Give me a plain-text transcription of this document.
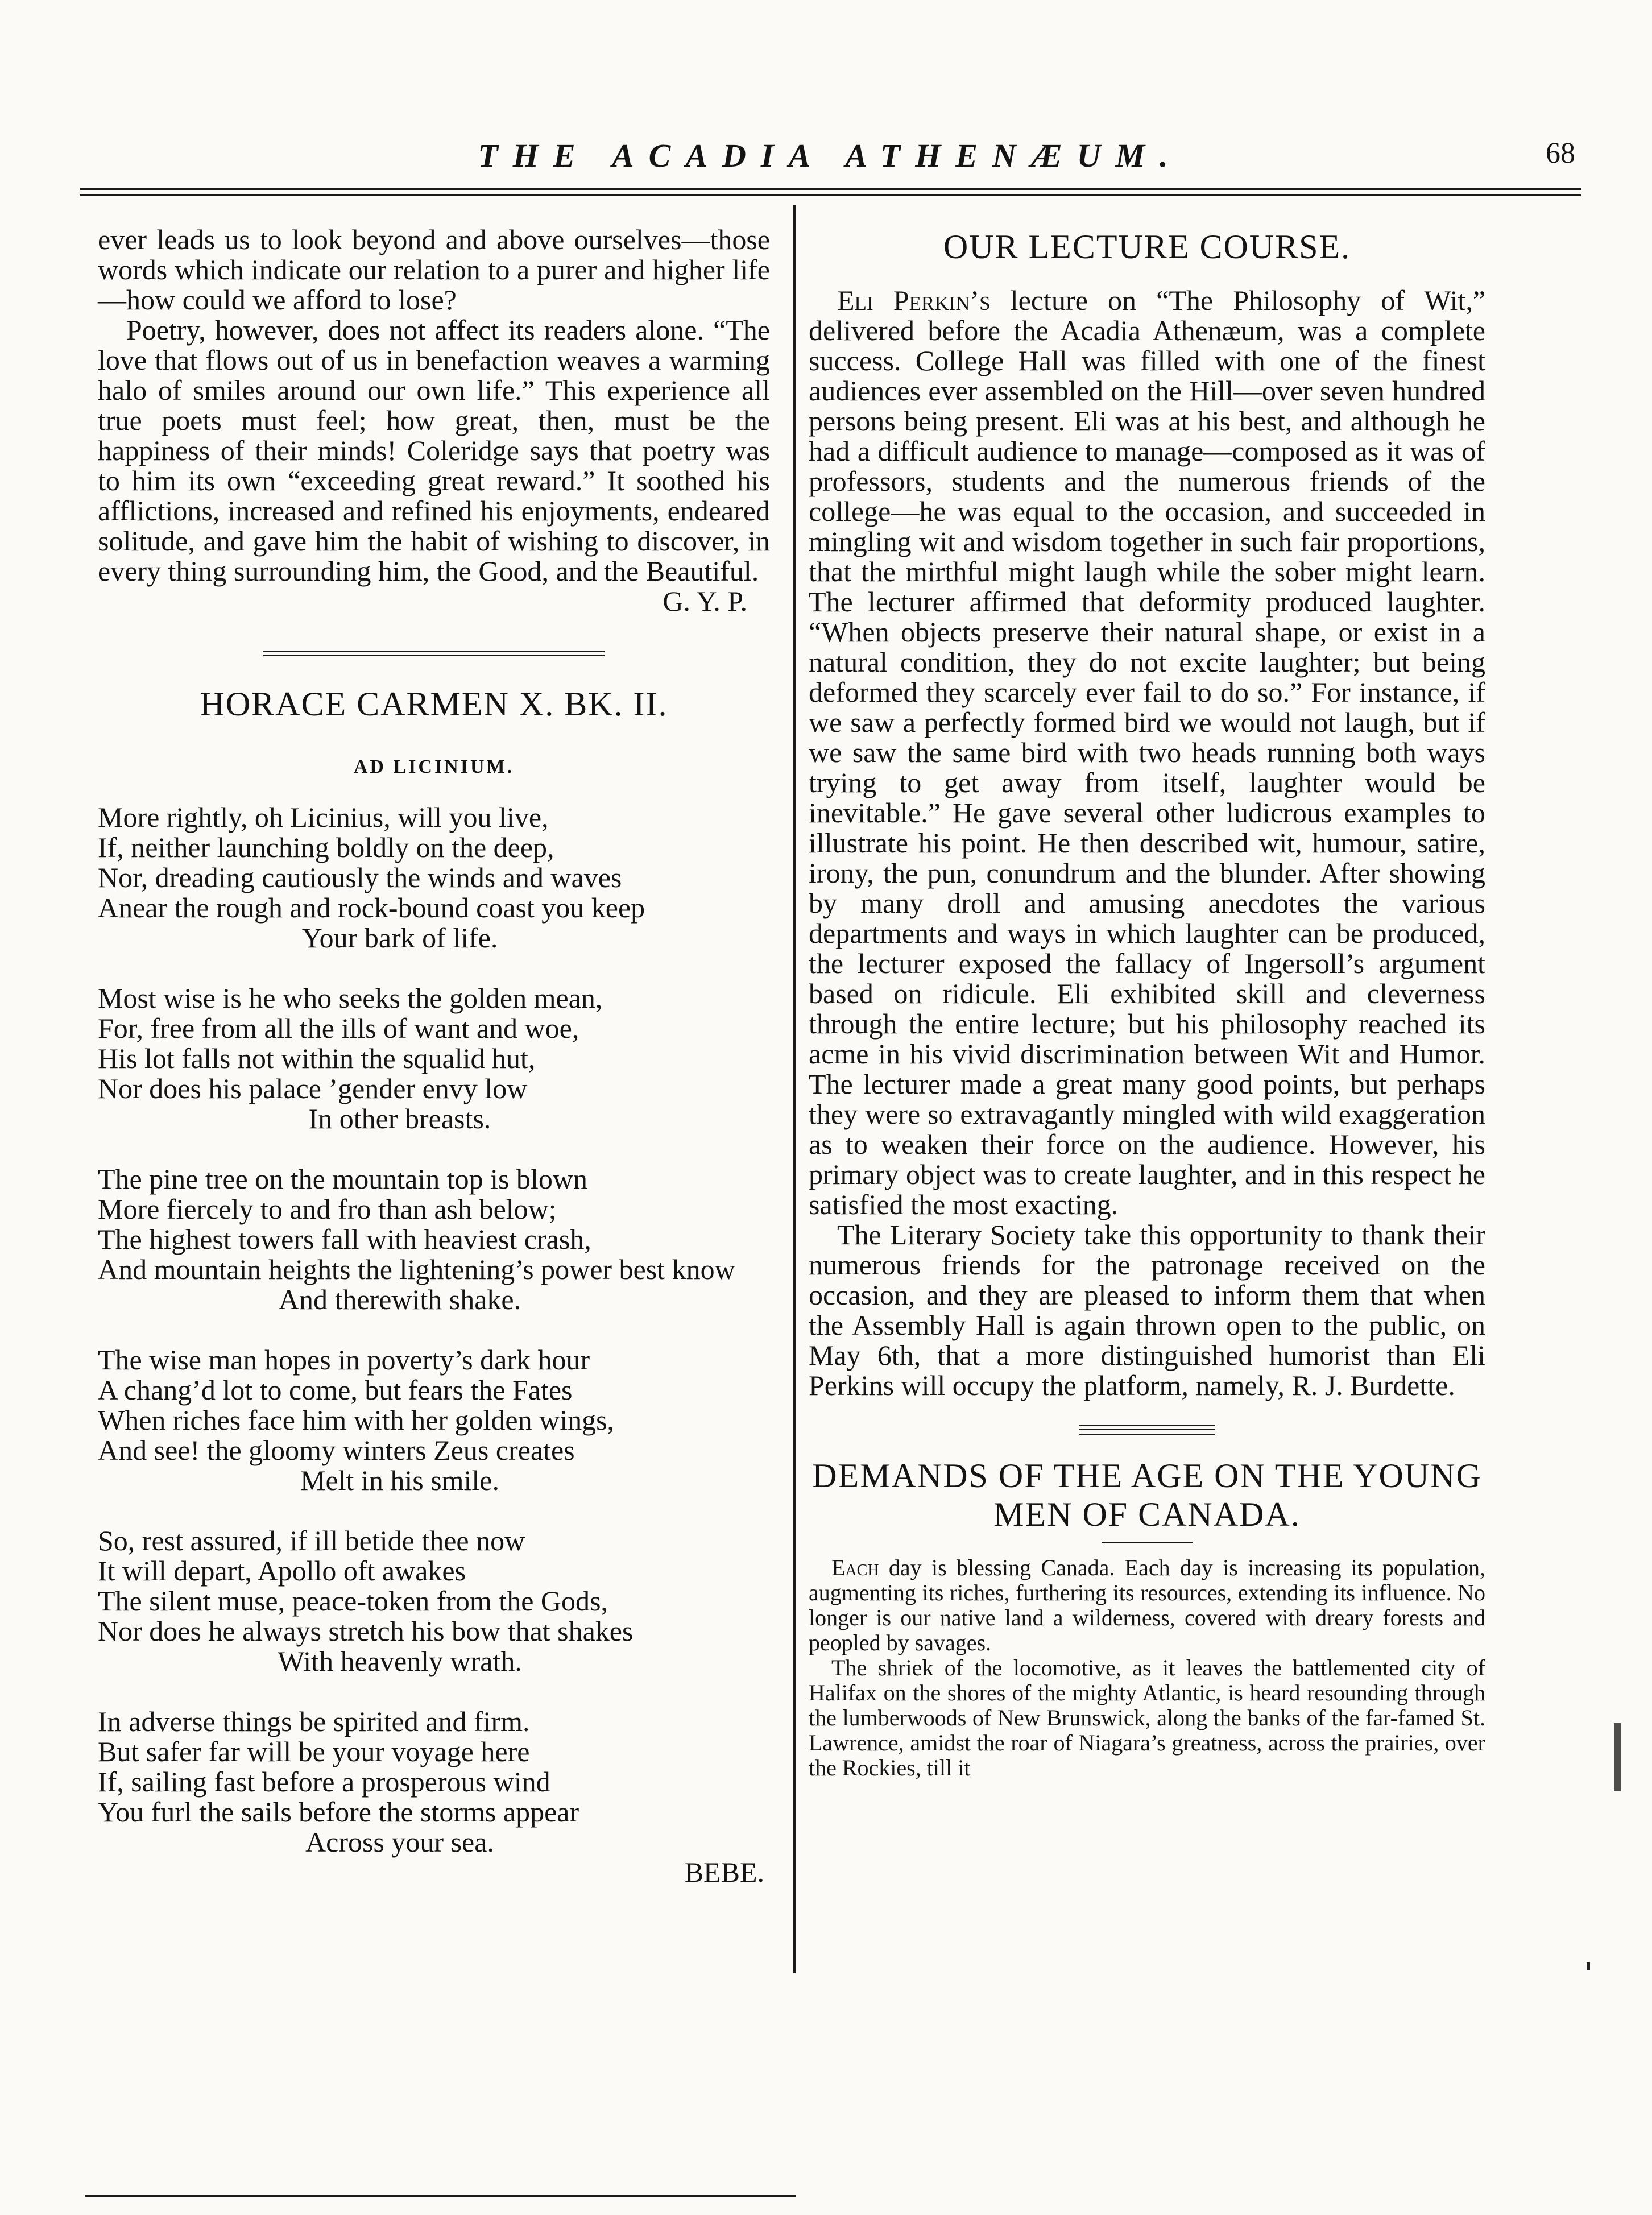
THE ACADIA ATHENÆUM.	68

ever leads us to look beyond and above ourselves—those words which indicate our relation to a purer and higher life—how could we afford to lose?

Poetry, however, does not affect its readers alone. “The love that flows out of us in benefaction weaves a warming halo of smiles around our own life.” This experience all true poets must feel; how great, then, must be the happiness of their minds! Coleridge says that poetry was to him its own “exceeding great reward.” It soothed his afflictions, increased and refined his enjoyments, endeared solitude, and gave him the habit of wishing to discover, in every thing surrounding him, the Good, and the Beautiful.

G. Y. P.
HORACE CARMEN X. BK. II.
AD LICINIUM.
More rightly, oh Licinius, will you live,
If, neither launching boldly on the deep,
Nor, dreading cautiously the winds and waves
Anear the rough and rock-bound coast you keep
Your bark of life.
Most wise is he who seeks the golden mean,
For, free from all the ills of want and woe,
His lot falls not within the squalid hut,
Nor does his palace ’gender envy low
In other breasts.
The pine tree on the mountain top is blown
More fiercely to and fro than ash below;
The highest towers fall with heaviest crash,
And mountain heights the lightening’s power best know
And therewith shake.
The wise man hopes in poverty’s dark hour
A chang’d lot to come, but fears the Fates
When riches face him with her golden wings,
And see! the gloomy winters Zeus creates
Melt in his smile.
So, rest assured, if ill betide thee now
It will depart, Apollo oft awakes
The silent muse, peace-token from the Gods,
Nor does he always stretch his bow that shakes
With heavenly wrath.
In adverse things be spirited and firm.
But safer far will be your voyage here
If, sailing fast before a prosperous wind
You furl the sails before the storms appear
Across your sea.
BEBE.
OUR LECTURE COURSE.

Eli Perkin’s lecture on “The Philosophy of Wit,” delivered before the Acadia Athenæum, was a complete success. College Hall was filled with one of the finest audiences ever assembled on the Hill—over seven hundred persons being present. Eli was at his best, and although he had a difficult audience to manage—composed as it was of professors, students and the numerous friends of the college—he was equal to the occasion, and succeeded in mingling wit and wisdom together in such fair proportions, that the mirthful might laugh while the sober might learn. The lecturer affirmed that deformity produced laughter. “When objects preserve their natural shape, or exist in a natural condition, they do not excite laughter; but being deformed they scarcely ever fail to do so.” For instance, if we saw a perfectly formed bird we would not laugh, but if we saw the same bird with two heads running both ways trying to get away from itself, laughter would be inevitable.” He gave several other ludicrous examples to illustrate his point. He then described wit, humour, satire, irony, the pun, conundrum and the blunder. After showing by many droll and amusing anecdotes the various departments and ways in which laughter can be produced, the lecturer exposed the fallacy of Ingersoll’s argument based on ridicule. Eli exhibited skill and cleverness through the entire lecture; but his philosophy reached its acme in his vivid discrimination between Wit and Humor. The lecturer made a great many good points, but perhaps they were so extravagantly mingled with wild exaggeration as to weaken their force on the audience. However, his primary object was to create laughter, and in this respect he satisfied the most exacting.

The Literary Society take this opportunity to thank their numerous friends for the patronage received on the occasion, and they are pleased to inform them that when the Assembly Hall is again thrown open to the public, on May 6th, that a more distinguished humorist than Eli Perkins will occupy the platform, namely, R. J. Burdette.

DEMANDS OF THE AGE ON THE YOUNG MEN OF CANADA.

Each day is blessing Canada. Each day is increasing its population, augmenting its riches, furthering its resources, extending its influence. No longer is our native land a wilderness, covered with dreary forests and peopled by savages.

The shriek of the locomotive, as it leaves the battlemented city of Halifax on the shores of the mighty Atlantic, is heard resounding through the lumberwoods of New Brunswick, along the banks of the far-famed St. Lawrence, amidst the roar of Niagara’s greatness, across the prairies, over the Rockies, till it
